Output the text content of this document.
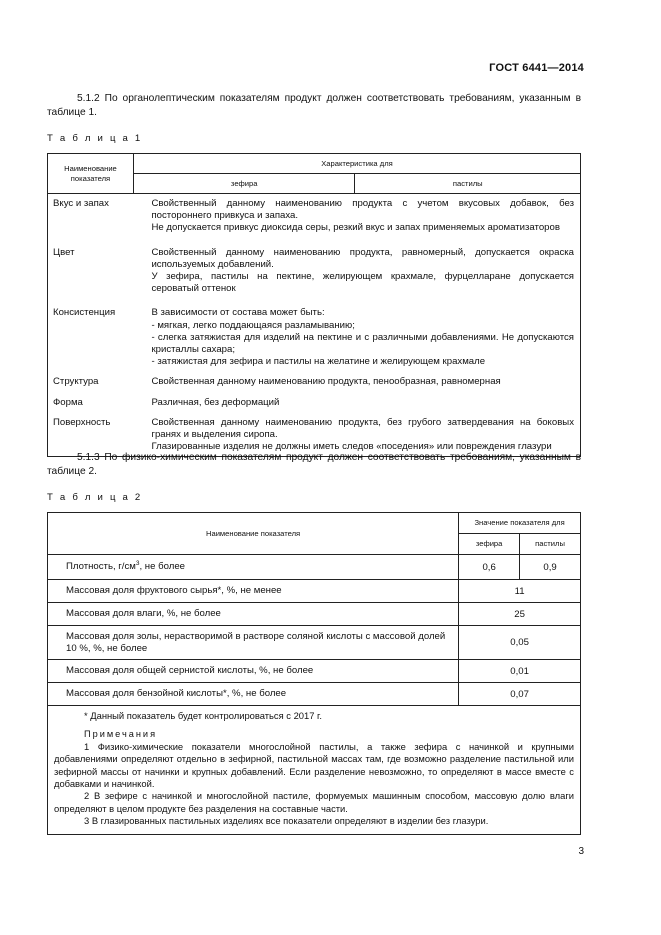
ГОСТ 6441—2014
5.1.2 По органолептическим показателям продукт должен соответствовать требованиям, указанным в таблице 1.
Т а б л и ц а 1
Наименование показателя	Характеристика для	
	зефира	пастилы
Вкус и запах	Свойственный данному наименованию продукта с учетом вкусовых добавок, без постороннего привкуса и запаха.

Не допускается привкус диоксида серы, резкий вкус и запах применяемых ароматизаторов	

Цвет	Свойственный данному наименованию продукта, равномерный, допускается окраска используемых добавлений.

У зефира, пастилы на пектине, желирующем крахмале, фурцелларане допускается сероватый оттенок	

Консистенция	В зависимости от состава может быть:

- мягкая, легко поддающаяся разламыванию;

- слегка затяжистая для изделий на пектине и с различными добавлениями. Не допускаются кристаллы сахара;

- затяжистая для зефира и пастилы на желатине и желирующем крахмале	

Структура	Свойственная данному наименованию продукта, пенообразная, равномерная	

Форма	Различная, без деформаций	

Поверхность	Свойственная данному наименованию продукта, без грубого затвердевания на боковых гранях и выделения сиропа.

Глазированные изделия не должны иметь следов «поседения» или повреждения глазури	

5.1.3 По физико-химическим показателям продукт должен соответствовать требованиям, указанным в таблице 2.
Т а б л и ц а 2
Наименование показателя	Значение показателя для	
	зефира	пастилы
Плотность, $г/см^3$, не более	0,6	0,9
Массовая доля фруктового сырья*, %, не менее	11	
Массовая доля влаги, %, не более	25	
Массовая доля золы, нерастворимой в растворе соляной кислоты с массовой долей 10 %, %, не более	0,05	
Массовая доля общей сернистой кислоты, %, не более	0,01	
Массовая доля бензойной кислоты*, %, не более	0,07	

* Данный показатель будет контролироваться с 2017 г.
Примечания

1 Физико-химические показатели многослойной пастилы, а также зефира с начинкой и крупными добавлениями определяют отдельно в зефирной, пастильной массах там, где возможно разделение пастильной или зефирной массы от начинки и крупных добавлений. Если разделение невозможно, то определяют в массе вместе с добавками и начинкой.

2 В зефире с начинкой и многослойной пастиле, формуемых машинным способом, массовую долю влаги определяют в целом продукте без разделения на составные части.

3 В глазированных пастильных изделиях все показатели определяют в изделии без глазури.		

3
